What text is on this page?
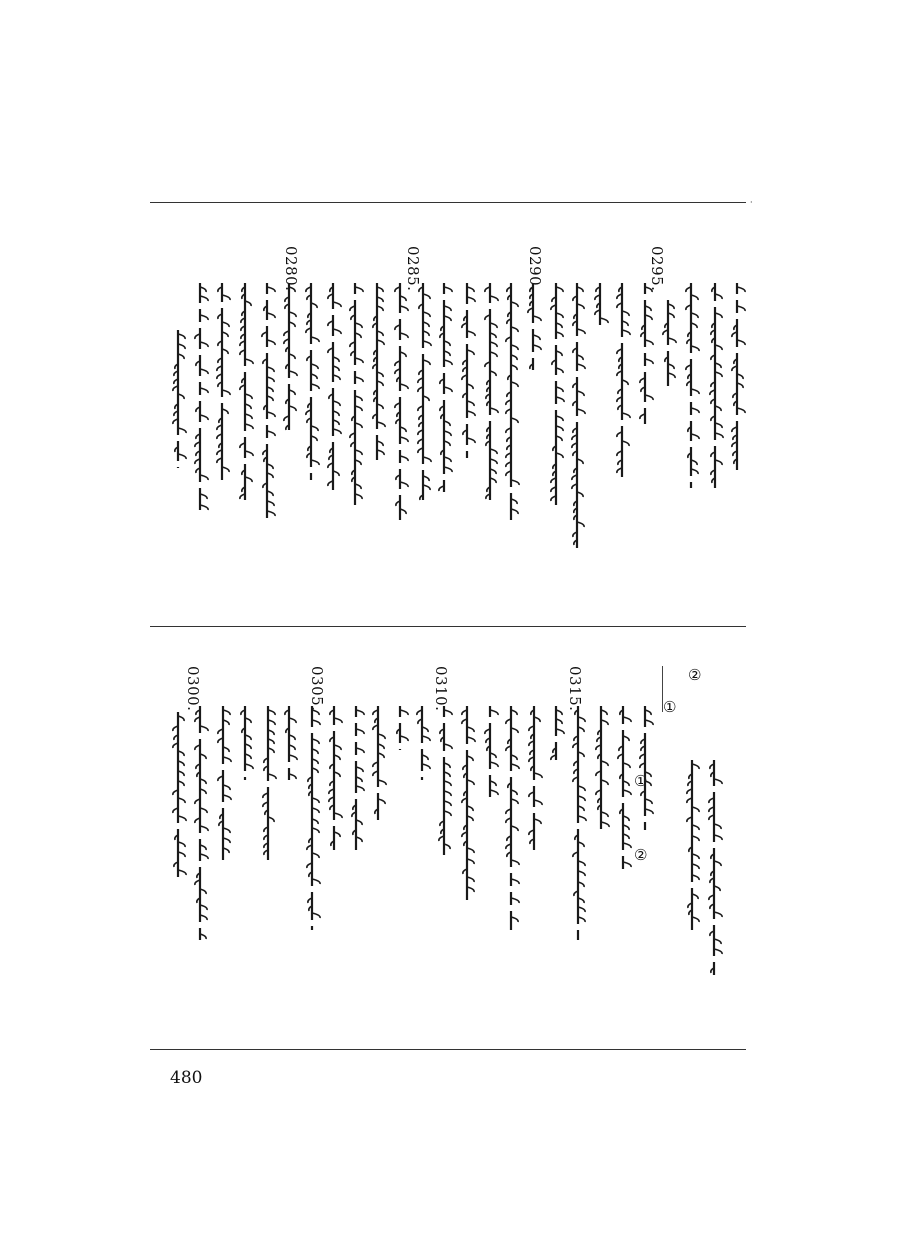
·
0295.
0290.
0285.
0280.
0315.
0310.
0305.
0300.	②
①
①
②
480
